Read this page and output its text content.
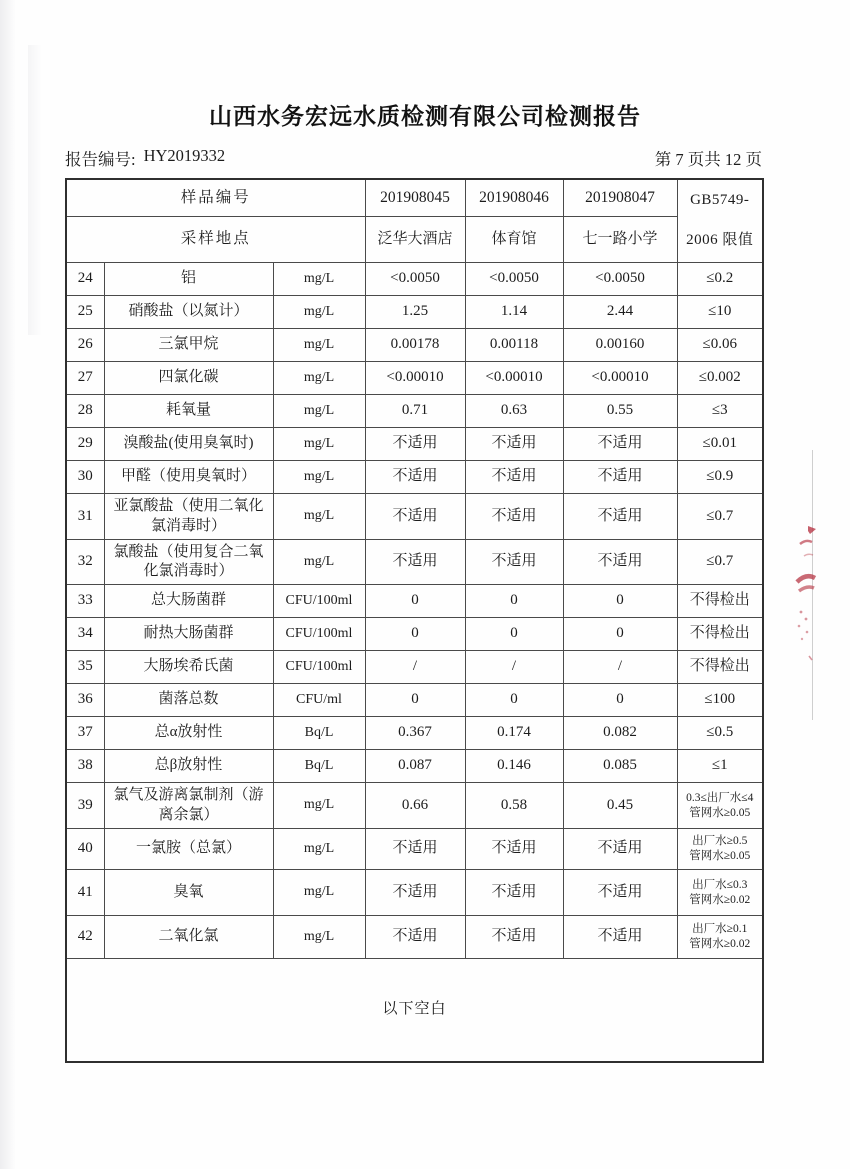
山西水务宏远水质检测有限公司检测报告
报告编号: HY2019332	第 7 页共 12 页
样品编号			201908045	201908046	201908047	GB5749-
2006 限值

采样地点			泛华大酒店	体育馆	七一路小学	
24	铝	mg/L	<0.0050	<0.0050	<0.0050	≤0.2
25	硝酸盐（以氮计）	mg/L	1.25	1.14	2.44	≤10
26	三氯甲烷	mg/L	0.00178	0.00118	0.00160	≤0.06
27	四氯化碳	mg/L	<0.00010	<0.00010	<0.00010	≤0.002
28	耗氧量	mg/L	0.71	0.63	0.55	≤3
29	溴酸盐(使用臭氧时)	mg/L	不适用	不适用	不适用	≤0.01
30	甲醛（使用臭氧时）	mg/L	不适用	不适用	不适用	≤0.9
31	亚氯酸盐（使用二氧化氯消毒时）	mg/L	不适用	不适用	不适用	≤0.7
32	氯酸盐（使用复合二氧化氯消毒时）	mg/L	不适用	不适用	不适用	≤0.7
33	总大肠菌群	CFU/100ml	0	0	0	不得检出
34	耐热大肠菌群	CFU/100ml	0	0	0	不得检出
35	大肠埃希氏菌	CFU/100ml	/	/	/	不得检出
36	菌落总数	CFU/ml	0	0	0	≤100
37	总α放射性	Bq/L	0.367	0.174	0.082	≤0.5
38	总β放射性	Bq/L	0.087	0.146	0.085	≤1
39	氯气及游离氯制剂（游离余氯）	mg/L	0.66	0.58	0.45	0.3≤出厂水≤4
管网水≥0.05

40	一氯胺（总氯）	mg/L	不适用	不适用	不适用	出厂水≥0.5
管网水≥0.05

41	臭氧	mg/L	不适用	不适用	不适用	出厂水≤0.3
管网水≥0.02

42	二氧化氯	mg/L	不适用	不适用	不适用	出厂水≥0.1
管网水≥0.02

以下空白						
